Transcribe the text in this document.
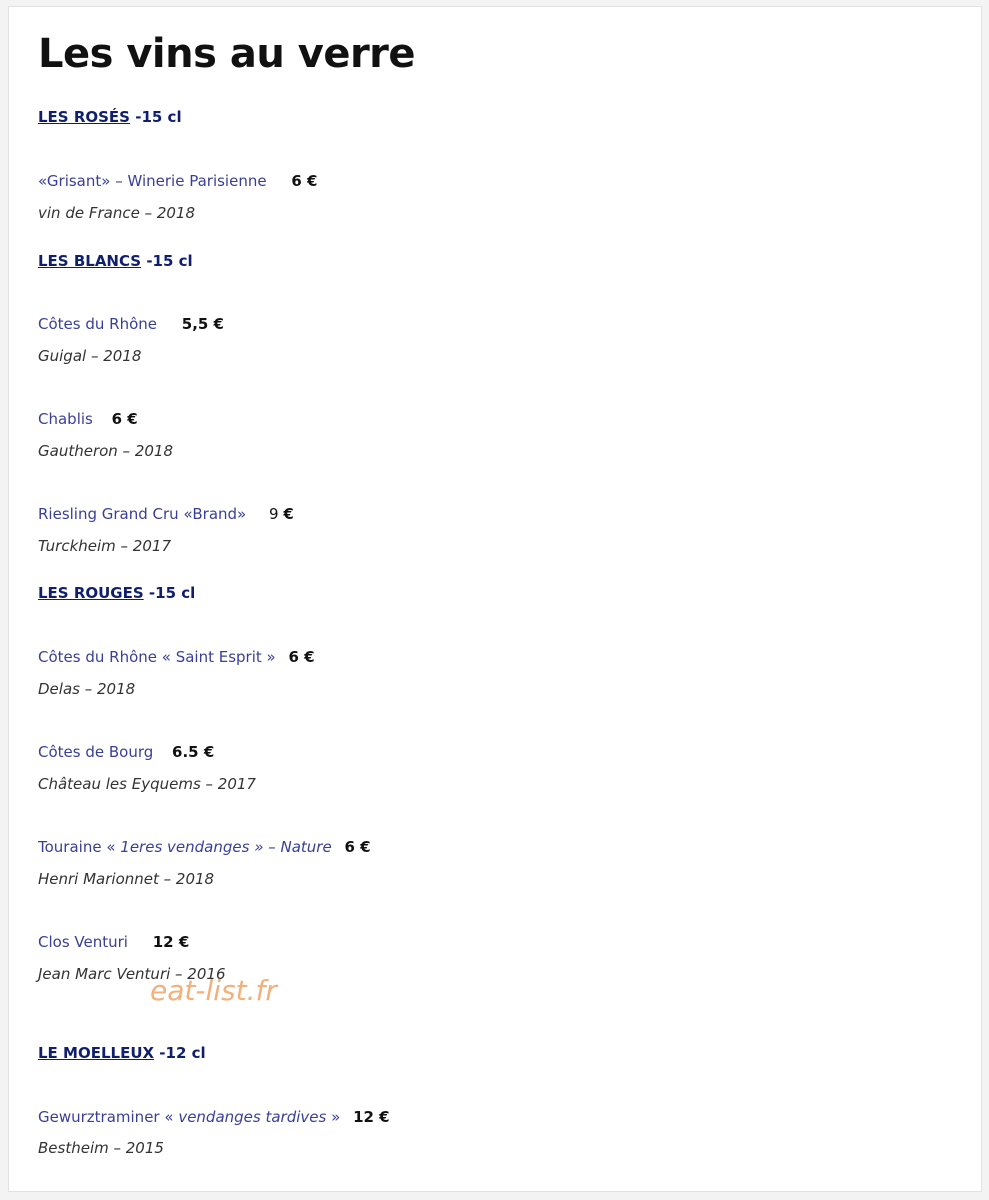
Les vins au verre
LES ROSÉS -15 cl
«Grisant» – Winerie Parisienne 6 €
vin de France – 2018
LES BLANCS -15 cl
Côtes du Rhône 5,5 €
Guigal – 2018
Chablis 6 €
Gautheron – 2018
Riesling Grand Cru «Brand» 9 €
Turckheim – 2017
LES ROUGES -15 cl
Côtes du Rhône « Saint Esprit » 6 €
Delas – 2018
Côtes de Bourg 6.5 €
Château les Eyquems – 2017
Touraine « 1eres vendanges » – Nature 6 €
Henri Marionnet – 2018
Clos Venturi 12 €
Jean Marc Venturi – 2016
LE MOELLEUX -12 cl
Gewurztraminer « vendanges tardives » 12 €
Bestheim – 2015
eat-list.fr
